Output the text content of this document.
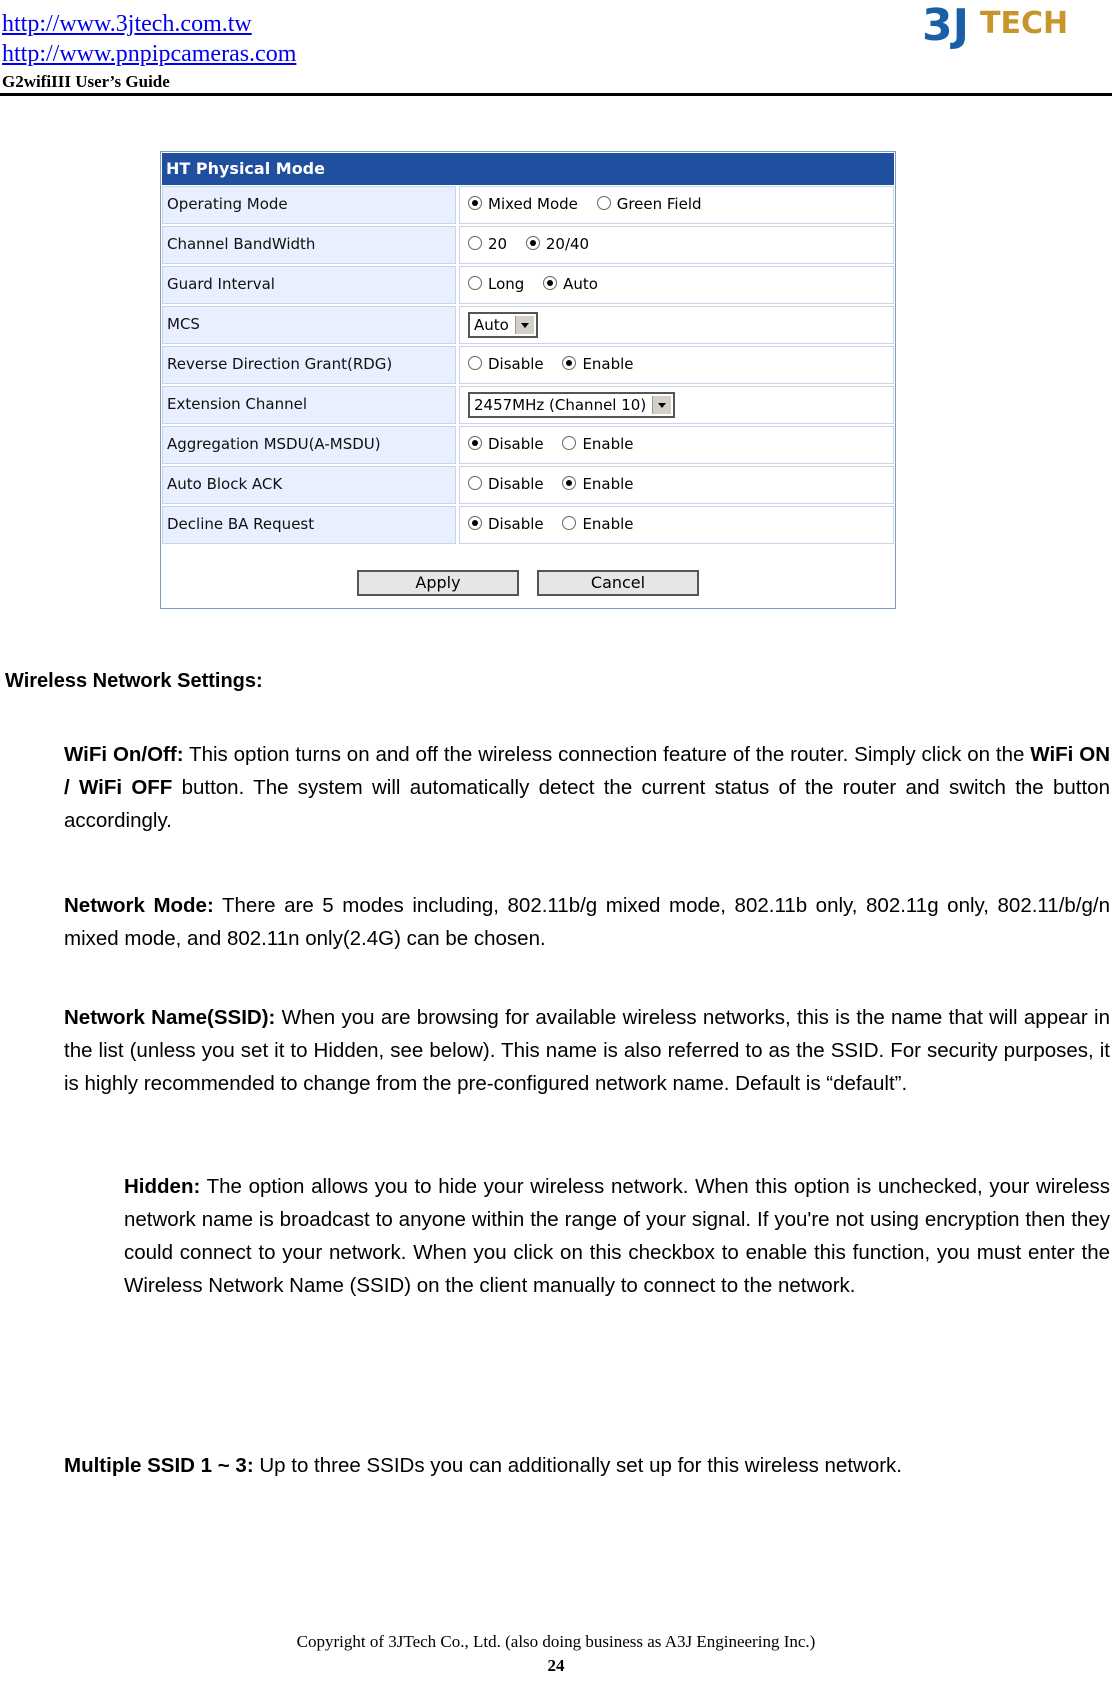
http://www.3jtech.com.tw
http://www.pnpipcameras.com
G2wifiIII User’s Guide
3J TECH
HT Physical Mode
Operating Mode	Mixed Mode	Green Field
Channel BandWidth	20	20/40
Guard Interval	Long	Auto
MCS	Auto
Reverse Direction Grant(RDG)	Disable	Enable
Extension Channel	2457MHz (Channel 10)
Aggregation MSDU(A-MSDU)	Disable	Enable
Auto Block ACK	Disable	Enable
Decline BA Request	Disable	Enable
Apply	Cancel
Wireless Network Settings:
WiFi On/Off: This option turns on and off the wireless connection feature of the router. Simply click on the WiFi ON / WiFi OFF button. The system will automatically detect the current status of the router and switch the button accordingly.
Network Mode: There are 5 modes including, 802.11b/g mixed mode, 802.11b only, 802.11g only, 802.11/b/g/n mixed mode, and 802.11n only(2.4G) can be chosen.
Network Name(SSID): When you are browsing for available wireless networks, this is the name that will appear in the list (unless you set it to Hidden, see below). This name is also referred to as the SSID. For security purposes, it is highly recommended to change from the pre-configured network name. Default is “default”.
Hidden: The option allows you to hide your wireless network. When this option is unchecked, your wireless network name is broadcast to anyone within the range of your signal. If you're not using encryption then they could connect to your network. When you click on this checkbox to enable this function, you must enter the Wireless Network Name (SSID) on the client manually to connect to the network.
Multiple SSID 1 ~ 3: Up to three SSIDs you can additionally set up for this wireless network.
Copyright of 3JTech Co., Ltd. (also doing business as A3J Engineering Inc.)
24
